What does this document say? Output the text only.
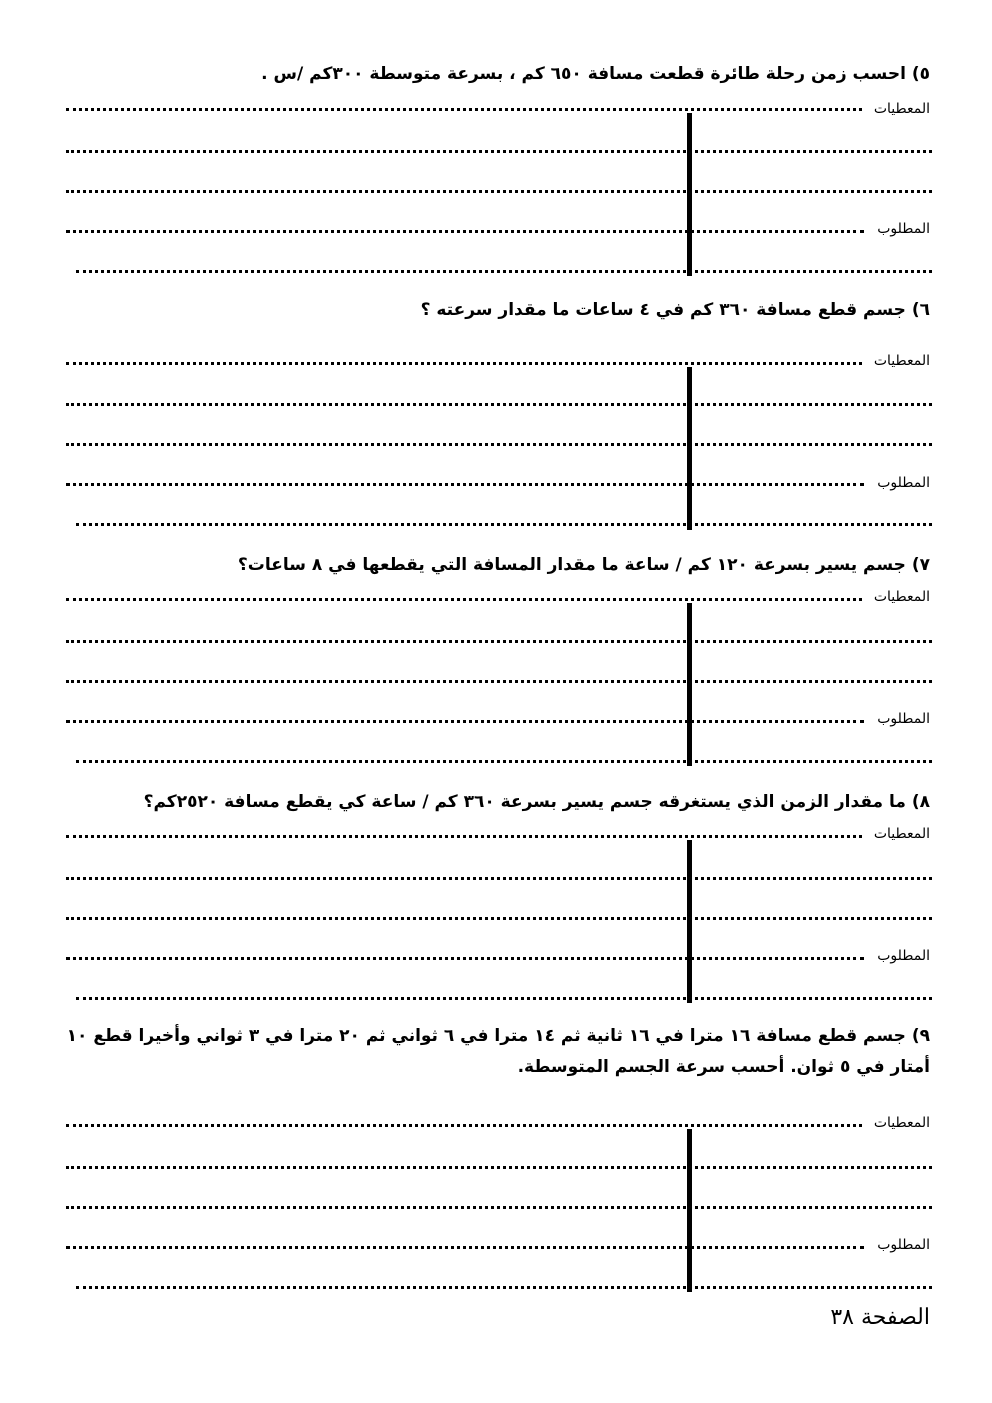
٥) احسب زمن رحلة طائرة قطعت مسافة ٦٥٠ كم ، بسرعة متوسطة ٣٠٠كم /س .
المعطيات
المطلوب
٦) جسم قطع مسافة ٣٦٠ كم في ٤ ساعات ما مقدار سرعته ؟
المعطيات
المطلوب
٧) جسم يسير بسرعة ١٢٠ كم / ساعة ما مقدار المسافة التي يقطعها في ٨ ساعات؟
المعطيات
المطلوب
٨) ما مقدار الزمن الذي يستغرقه جسم يسير بسرعة ٣٦٠ كم / ساعة كي يقطع مسافة ٢٥٢٠كم؟
المعطيات
المطلوب
٩) جسم قطع مسافة ١٦ مترا في ١٦ ثانية ثم ١٤ مترا في ٦ ثواني ثم ٢٠ مترا في ٣ ثواني وأخيرا قطع ١٠ أمتار في ٥ ثوان. أحسب سرعة الجسم المتوسطة.
المعطيات
المطلوب
الصفحة ٣٨
